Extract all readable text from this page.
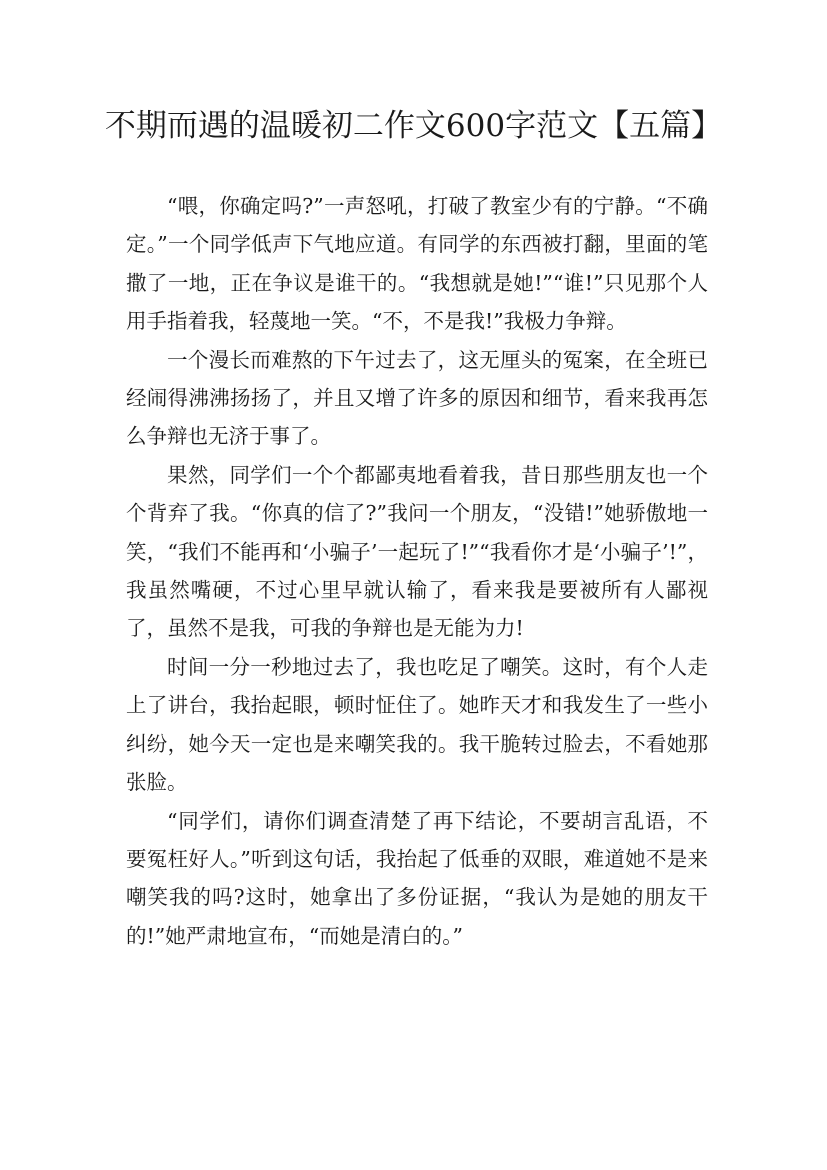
不期而遇的温暖初二作文600字范文【五篇】

“喂，你确定吗?”一声怒吼，打破了教室少有的宁静。“不确定。”一个同学低声下气地应道。有同学的东西被打翻，里面的笔撒了一地，正在争议是谁干的。“我想就是她!”“谁!”只见那个人用手指着我，轻蔑地一笑。“不，不是我!”我极力争辩。

一个漫长而难熬的下午过去了，这无厘头的冤案，在全班已经闹得沸沸扬扬了，并且又增了许多的原因和细节，看来我再怎么争辩也无济于事了。

果然，同学们一个个都鄙夷地看着我，昔日那些朋友也一个个背弃了我。“你真的信了?”我问一个朋友，“没错!”她骄傲地一笑，“我们不能再和‘小骗子’一起玩了!”“我看你才是‘小骗子’!”，我虽然嘴硬，不过心里早就认输了，看来我是要被所有人鄙视了，虽然不是我，可我的争辩也是无能为力!

时间一分一秒地过去了，我也吃足了嘲笑。这时，有个人走上了讲台，我抬起眼，顿时怔住了。她昨天才和我发生了一些小纠纷，她今天一定也是来嘲笑我的。我干脆转过脸去，不看她那张脸。

“同学们，请你们调查清楚了再下结论，不要胡言乱语，不要冤枉好人。”听到这句话，我抬起了低垂的双眼，难道她不是来嘲笑我的吗?这时，她拿出了多份证据，“我认为是她的朋友干的!”她严肃地宣布，“而她是清白的。”
